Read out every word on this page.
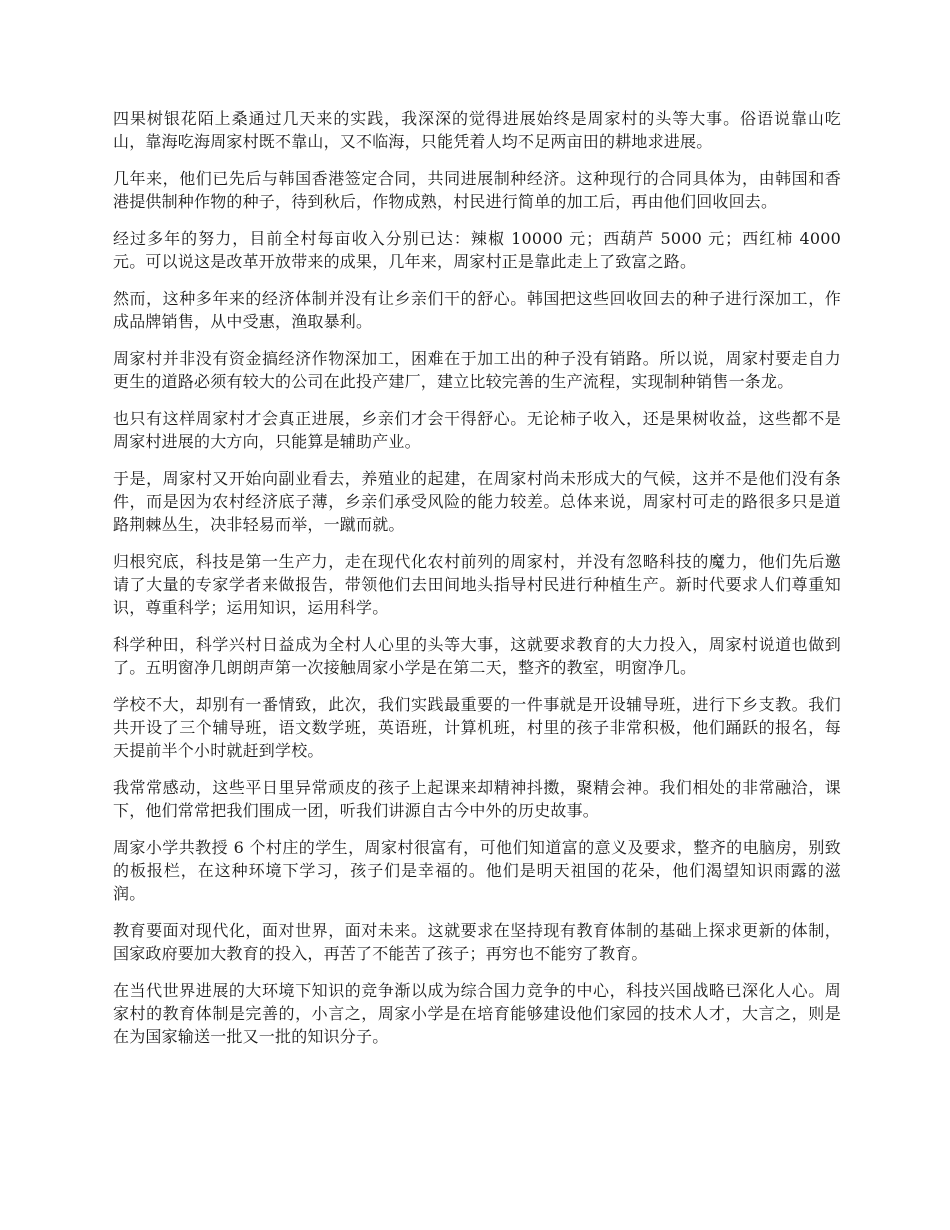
四果树银花陌上桑通过几天来的实践，我深深的觉得进展始终是周家村的头等大事。俗语说靠山吃山，靠海吃海周家村既不靠山，又不临海，只能凭着人均不足两亩田的耕地求进展。

几年来，他们已先后与韩国香港签定合同，共同进展制种经济。这种现行的合同具体为，由韩国和香港提供制种作物的种子，待到秋后，作物成熟，村民进行简单的加工后，再由他们回收回去。

经过多年的努力，目前全村每亩收入分别已达：辣椒 10000 元；西葫芦 5000 元；西红柿 4000 元。可以说这是改革开放带来的成果，几年来，周家村正是靠此走上了致富之路。

然而，这种多年来的经济体制并没有让乡亲们干的舒心。韩国把这些回收回去的种子进行深加工，作成品牌销售，从中受惠，渔取暴利。

周家村并非没有资金搞经济作物深加工，困难在于加工出的种子没有销路。所以说，周家村要走自力更生的道路必须有较大的公司在此投产建厂，建立比较完善的生产流程，实现制种销售一条龙。

也只有这样周家村才会真正进展，乡亲们才会干得舒心。无论柿子收入，还是果树收益，这些都不是周家村进展的大方向，只能算是辅助产业。

于是，周家村又开始向副业看去，养殖业的起建，在周家村尚未形成大的气候，这并不是他们没有条件，而是因为农村经济底子薄，乡亲们承受风险的能力较差。总体来说，周家村可走的路很多只是道路荆棘丛生，决非轻易而举，一蹴而就。

归根究底，科技是第一生产力，走在现代化农村前列的周家村，并没有忽略科技的魔力，他们先后邀请了大量的专家学者来做报告，带领他们去田间地头指导村民进行种植生产。新时代要求人们尊重知识，尊重科学；运用知识，运用科学。

科学种田，科学兴村日益成为全村人心里的头等大事，这就要求教育的大力投入，周家村说道也做到了。五明窗净几朗朗声第一次接触周家小学是在第二天，整齐的教室，明窗净几。

学校不大，却别有一番情致，此次，我们实践最重要的一件事就是开设辅导班，进行下乡支教。我们共开设了三个辅导班，语文数学班，英语班，计算机班，村里的孩子非常积极，他们踊跃的报名，每天提前半个小时就赶到学校。

我常常感动，这些平日里异常顽皮的孩子上起课来却精神抖擞，聚精会神。我们相处的非常融洽，课下，他们常常把我们围成一团，听我们讲源自古今中外的历史故事。

周家小学共教授 6 个村庄的学生，周家村很富有，可他们知道富的意义及要求，整齐的电脑房，别致的板报栏，在这种环境下学习，孩子们是幸福的。他们是明天祖国的花朵，他们渴望知识雨露的滋润。

教育要面对现代化，面对世界，面对未来。这就要求在坚持现有教育体制的基础上探求更新的体制，国家政府要加大教育的投入，再苦了不能苦了孩子；再穷也不能穷了教育。

在当代世界进展的大环境下知识的竞争渐以成为综合国力竞争的中心，科技兴国战略已深化人心。周家村的教育体制是完善的，小言之，周家小学是在培育能够建设他们家园的技术人才，大言之，则是在为国家输送一批又一批的知识分子。
